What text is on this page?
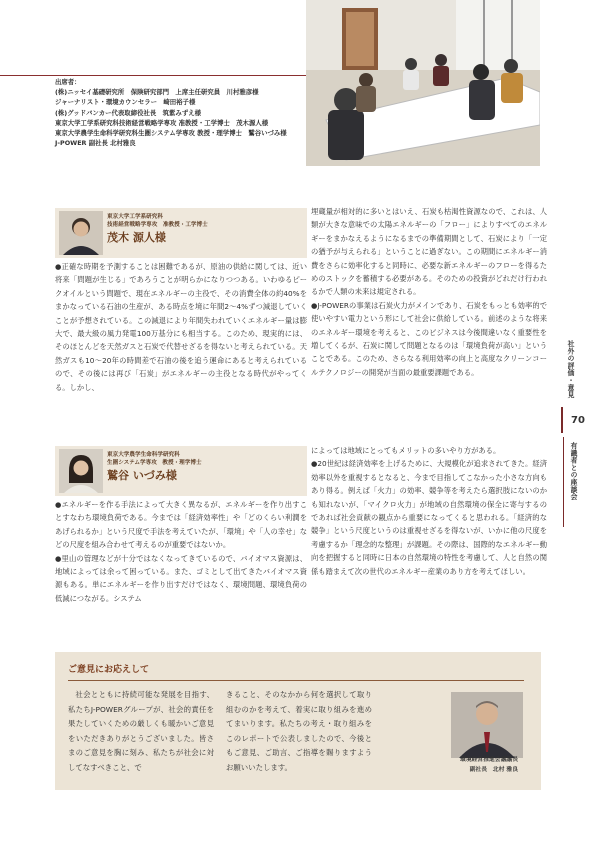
出席者：
(株)ニッセイ基礎研究所　保険研究部門　上席主任研究員　川村雅彦様
ジャーナリスト・環境カウンセラー　崎田裕子様
(株)グッドバンカー代表取締役社長　筑紫みずえ様
東京大学工学系研究科技術経営戦略学専攻 准教授・工学博士　茂木源人様
東京大学農学生命科学研究科生圏システム学専攻 教授・理学博士　鷲谷いづみ様
J-POWER 副社長 北村雅良
東京大学工学系研究科
技術経営戦略学専攻　准教授・工学博士
茂木 源人様

●正確な時期を予測することは困難であるが、原油の供給に関しては、近い将来「問題が生じる」であろうことが明らかになりつつある。いわゆるピークオイルという問題で、現在エネルギーの主役で、その消費全体の約40%をまかなっている石油の生産が、ある時点を境に年間2～4%ずつ減退していくことが予想されている。この減退により年間失われていくエネルギー量は膨大で、最大級の風力発電100万基分にも相当する。このため、現実的には、そのほとんどを天然ガスと石炭で代替せざるを得ないと考えられている。天然ガスも10～20年の時間差で石油の後を追う運命にあると考えられているので、その後には再び「石炭」がエネルギーの主役となる時代がやってくる。しかし、

埋蔵量が相対的に多いとはいえ、石炭も枯渇性資源なので、これは、人類が大きな意味での太陽エネルギーの「フロー」によりすべてのエネルギーをまかなえるようになるまでの準備期間として、石炭により「一定の猶予が与えられる」ということに過ぎない。この期間にエネルギー消費をさらに効率化すると同時に、必要な新エネルギーのフローを得るためのストックを蓄積する必要がある。そのための投資がどれだけ行われるかで人類の未来は規定される。

●J-POWERの事業は石炭火力がメインであり、石炭をもっとも効率的で使いやすい電力という形にして社会に供給している。前述のような将来のエネルギー環境を考えると、このビジネスは今後間違いなく重要性を増してくるが、石炭に関して問題となるのは「環境負荷が高い」ということである。このため、さらなる利用効率の向上と高度なクリーンコールテクノロジーの開発が当面の最重要課題である。

東京大学農学生命科学研究科
生圏システム学専攻　教授・理学博士
鷲谷 いづみ様

●エネルギーを作る手法によって大きく異なるが、エネルギーを作り出すことすなわち環境負荷である。今までは「経済効率性」や「どのくらい利潤をあげられるか」という尺度で手法を考えていたが、「環境」や「人の幸せ」などの尺度を組み合わせて考えるのが重要ではないか。

●里山の管理などが十分ではなくなってきているので、バイオマス資源は、地域によっては余って困っている。また、ゴミとして出てきたバイオマス資源もある。単にエネルギーを作り出すだけではなく、環境問題、環境負荷の低減につながる。システム

によっては地域にとってもメリットの多いやり方がある。

●20世紀は経済効率を上げるために、大規模化が追求されてきた。経済効率以外を重視するとなると、今まで目指してこなかった小さな方向もあり得る。例えば「火力」の効率、競争等を考えたら選択肢にないのかも知れないが、「マイクロ火力」が地域の自然環境の保全に寄与するのであれば社会貢献の観点から重要になってくると思われる。「経済的な競争」という尺度というのは重視せざるを得ないが、いかに他の尺度を考慮するか「理念的な整理」が課題。その際は、国際的なエネルギー動向を把握すると同時に日本の自然環境の特性を考慮して、人と自然の関係も踏まえて次の世代のエネルギー産業のあり方を考えてほしい。

社外の評価・意見
70
有識者との座談会
ご意見にお応えして
社会とともに持続可能な発展を目指す、私たちJ-POWERグループが、社会的責任を果たしていくための厳しくも暖かいご意見をいただきありがとうございました。皆さまのご意見を胸に刻み、私たちが社会に対してなすべきこと、で
きること、そのなかから何を選択して取り組むのかを考えて、着実に取り組みを進めてまいります。私たちの考え・取り組みをこのレポートで公表しましたので、今後ともご意見、ご助言、ご指導を賜りますようお願いいたします。
環境経営推進会議議長
副社長　北村 雅良
